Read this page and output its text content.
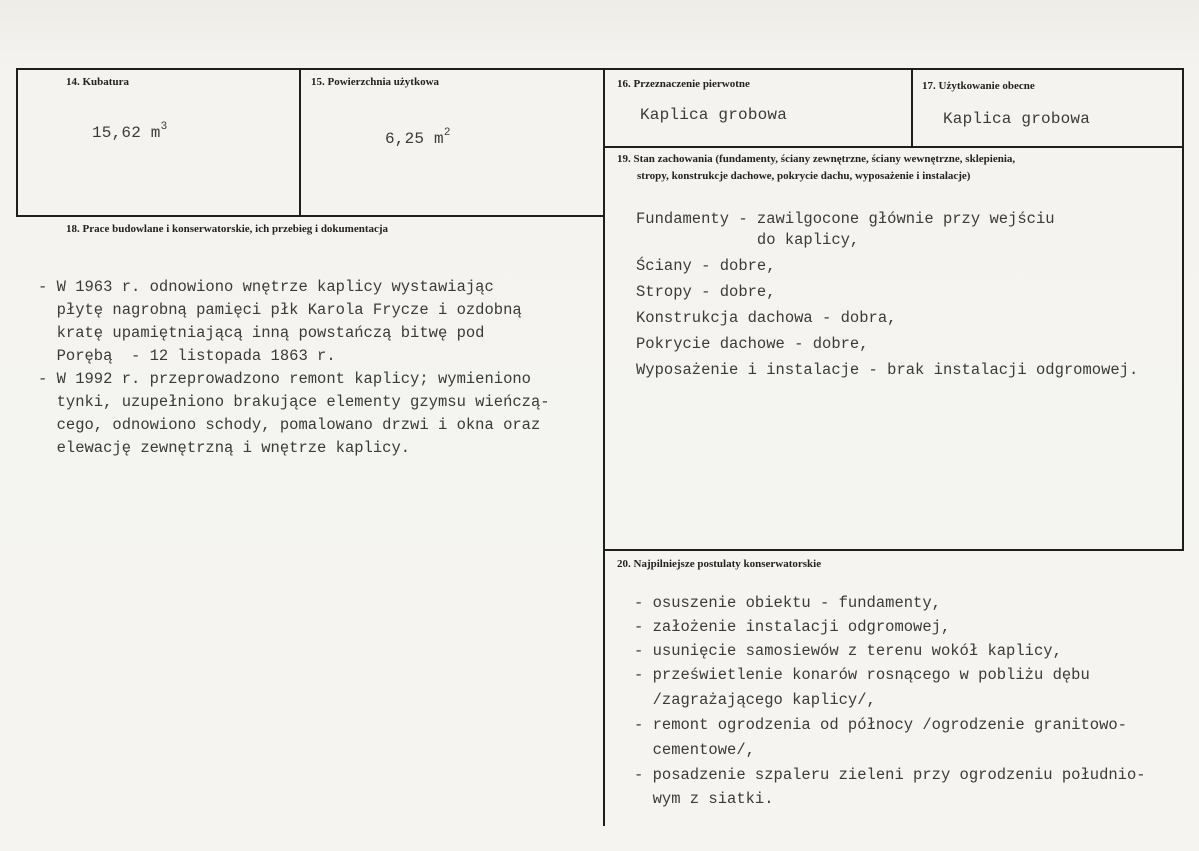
14. Kubatura
15,62 $m^3$
15. Powierzchnia użytkowa
6,25 $m^2$
16. Przeznaczenie pierwotne
Kaplica grobowa
17. Użytkowanie obecne
Kaplica grobowa
18. Prace budowlane i konserwatorskie, ich przebieg i dokumentacja
- W 1963 r. odnowiono wnętrze kaplicy wystawiając
płytę nagrobną pamięci płk Karola Frycze i ozdobną
kratę upamiętniającą inną powstańczą bitwę pod
Porębą  - 12 listopada 1863 r.
- W 1992 r. przeprowadzono remont kaplicy; wymieniono
tynki, uzupełniono brakujące elementy gzymsu wieńczą-
cego, odnowiono schody, pomalowano drzwi i okna oraz
elewację zewnętrzną i wnętrze kaplicy.
19. Stan zachowania (fundamenty, ściany zewnętrzne, ściany wewnętrzne, sklepienia,
stropy, konstrukcje dachowe, pokrycie dachu, wyposażenie i instalacje)
Fundamenty - zawilgocone głównie przy wejściu
do kaplicy,
Ściany - dobre,
Stropy - dobre,
Konstrukcja dachowa - dobra,
Pokrycie dachowe - dobre,
Wyposażenie i instalacje - brak instalacji odgromowej.
20. Najpilniejsze postulaty konserwatorskie
- osuszenie obiektu - fundamenty,
- założenie instalacji odgromowej,
- usunięcie samosiewów z terenu wokół kaplicy,
- prześwietlenie konarów rosnącego w pobliżu dębu
/zagrażającego kaplicy/,
- remont ogrodzenia od północy /ogrodzenie granitowo-
cementowe/,
- posadzenie szpaleru zieleni przy ogrodzeniu południo-
wym z siatki.
